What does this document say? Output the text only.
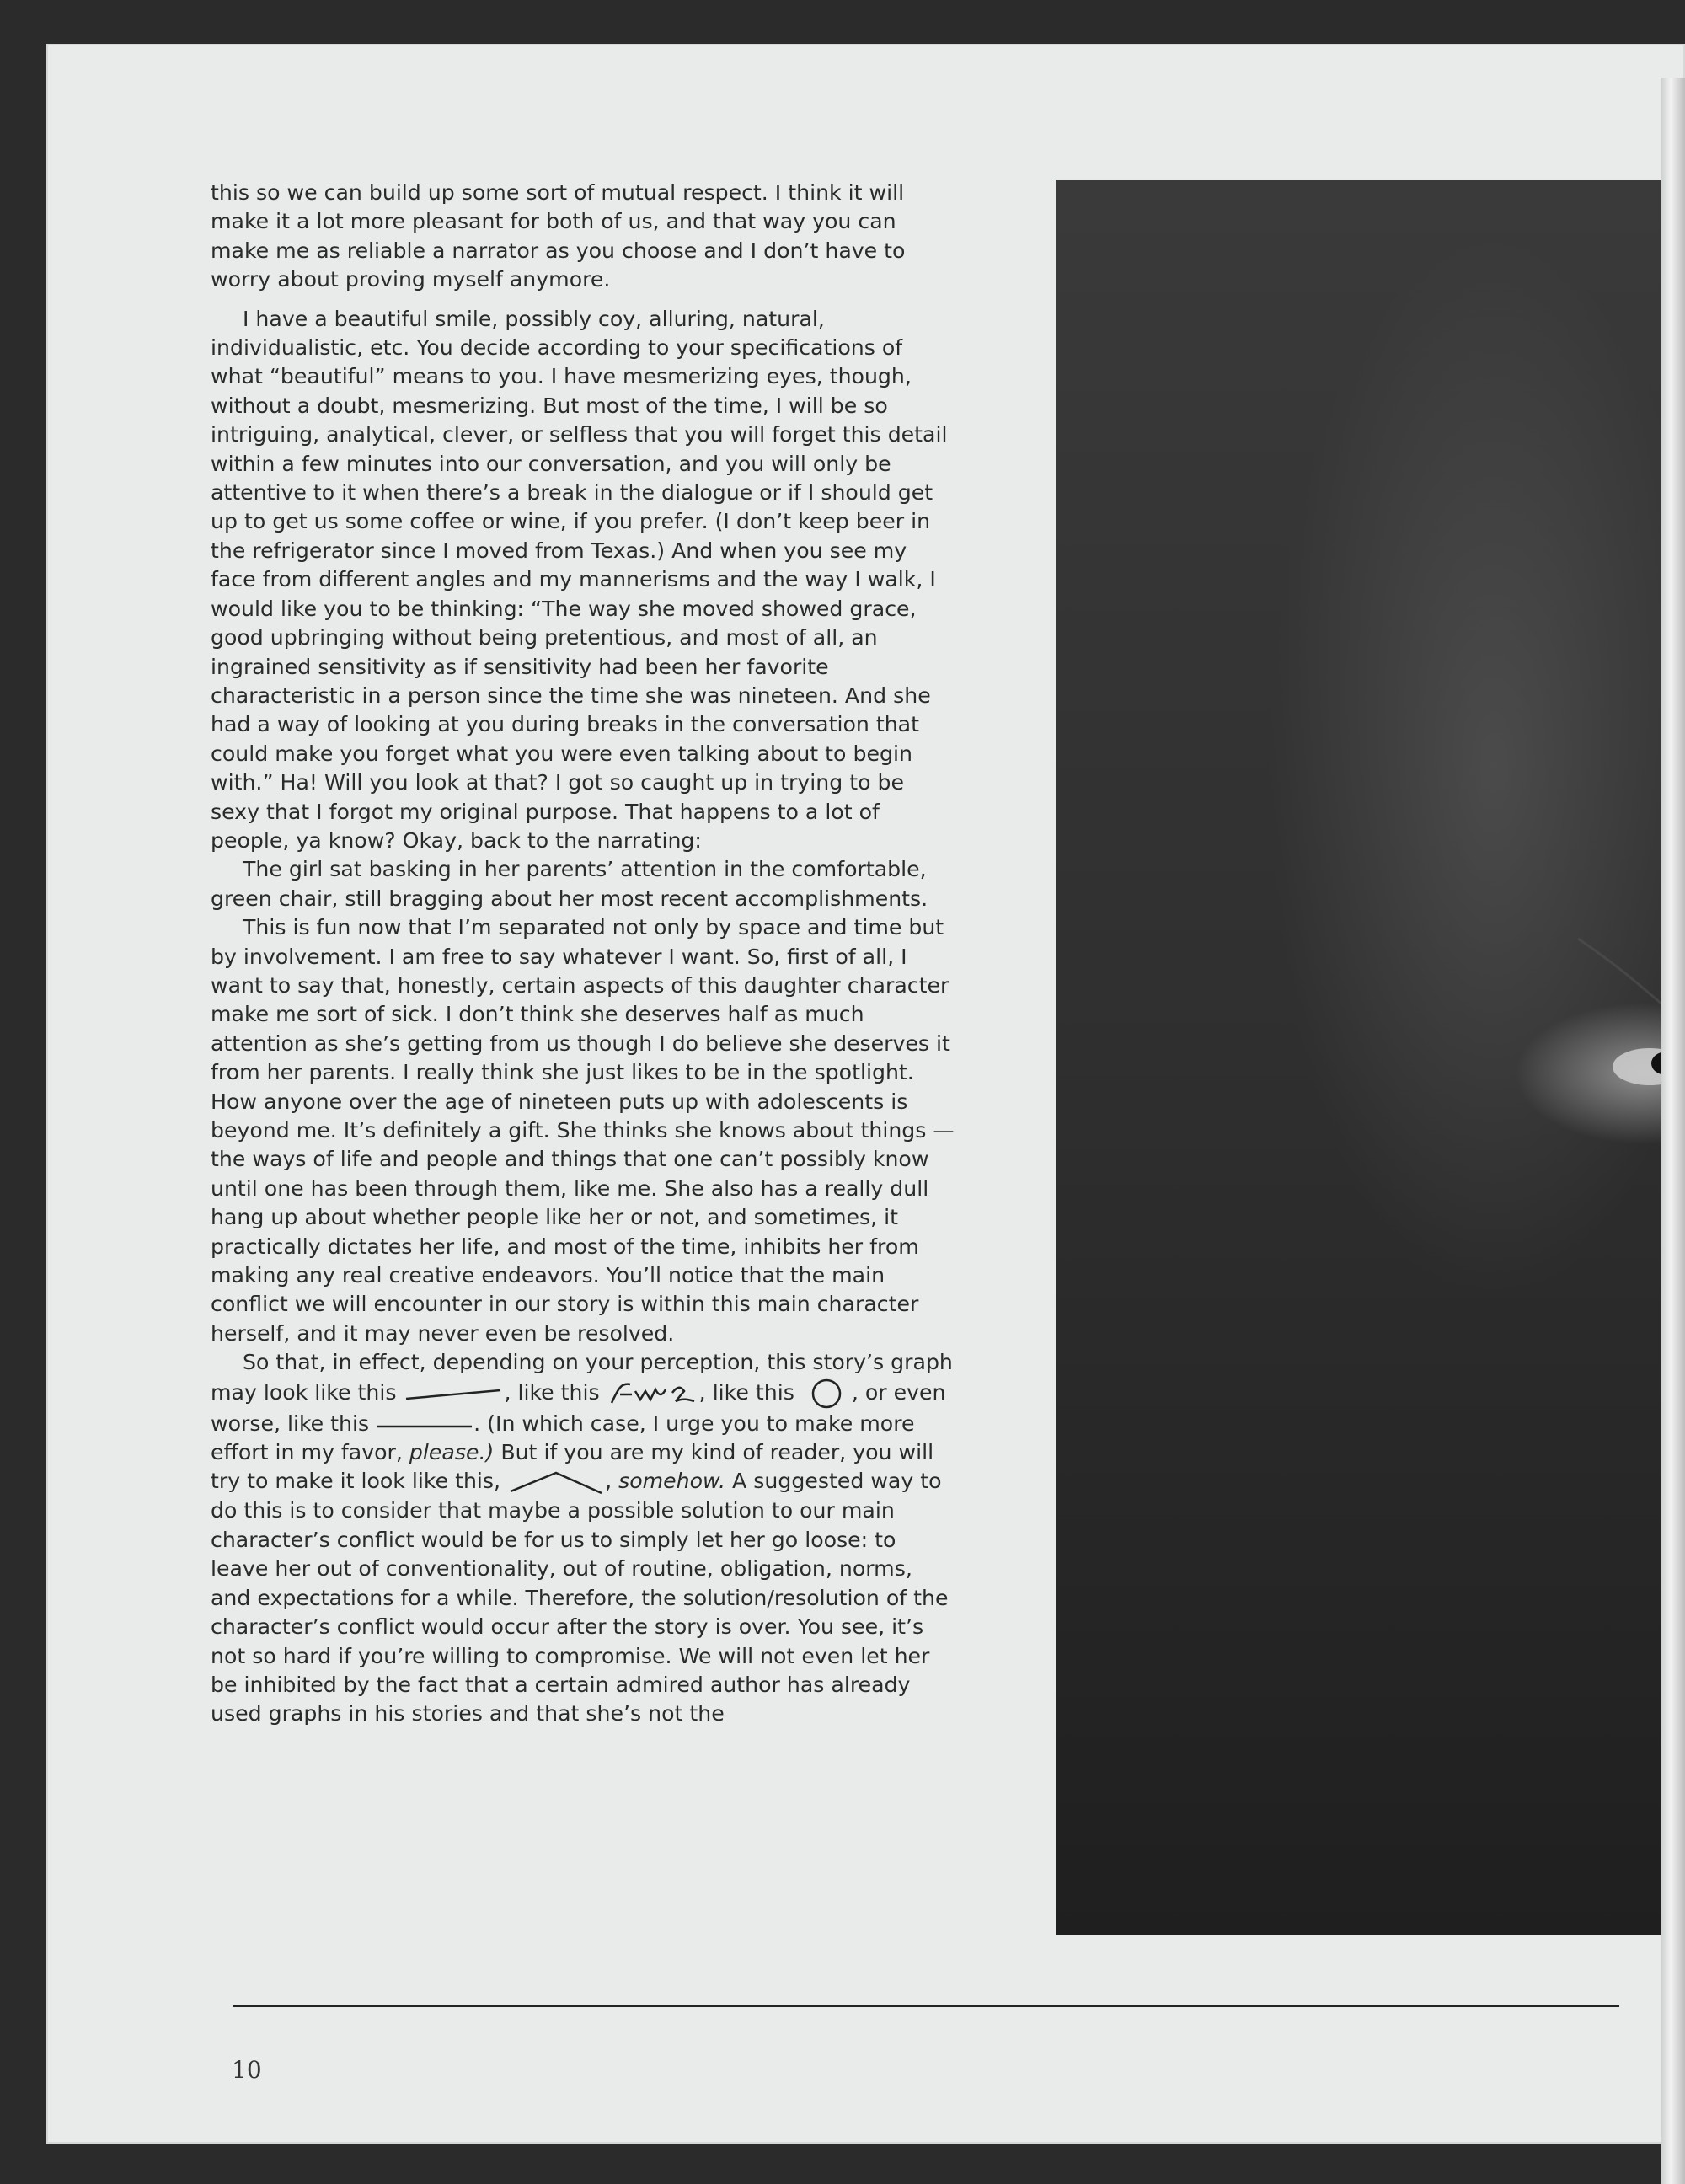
this so we can build up some sort of mutual respect. I think it will make it a lot more pleasant for both of us, and that way you can make me as reliable a narrator as you choose and I don’t have to worry about proving myself anymore.

I have a beautiful smile, possibly coy, alluring, natural, individualistic, etc. You decide according to your specifications of what “beautiful” means to you. I have mesmerizing eyes, though, without a doubt, mesmerizing. But most of the time, I will be so intriguing, analytical, clever, or selfless that you will forget this detail within a few minutes into our conversation, and you will only be attentive to it when there’s a break in the dialogue or if I should get up to get us some coffee or wine, if you prefer. (I don’t keep beer in the refrigerator since I moved from Texas.) And when you see my face from different angles and my mannerisms and the way I walk, I would like you to be thinking: “The way she moved showed grace, good upbringing without being pretentious, and most of all, an ingrained sensitivity as if sensitivity had been her favorite characteristic in a person since the time she was nineteen. And she had a way of looking at you during breaks in the conversation that could make you forget what you were even talking about to begin with.” Ha! Will you look at that? I got so caught up in trying to be sexy that I forgot my original purpose. That happens to a lot of people, ya know? Okay, back to the narrating:

The girl sat basking in her parents’ attention in the comfortable, green chair, still bragging about her most recent accomplishments.

This is fun now that I’m separated not only by space and time but by involvement. I am free to say whatever I want. So, first of all, I want to say that, honestly, certain aspects of this daughter character make me sort of sick. I don’t think she deserves half as much attention as she’s getting from us though I do believe she deserves it from her parents. I really think she just likes to be in the spotlight. How anyone over the age of nineteen puts up with adolescents is beyond me. It’s definitely a gift. She thinks she knows about things — the ways of life and people and things that one can’t possibly know until one has been through them, like me. She also has a really dull hang up about whether people like her or not, and sometimes, it practically dictates her life, and most of the time, inhibits her from making any real creative endeavors. You’ll notice that the main conflict we will encounter in our story is within this main character herself, and it may never even be resolved.

So that, in effect, depending on your perception, this story’s graph may look like this	, like this	, like this	, or even worse, like this	. (In which case, I urge you to make more effort in my favor, please.) But if you are my kind of reader, you will try to make it look like this,	, somehow. A suggested way to do this is to consider that maybe a possible solution to our main character’s conflict would be for us to simply let her go loose: to leave her out of conventionality, out of routine, obligation, norms, and expectations for a while. Therefore, the solution/resolution of the character’s conflict would occur after the story is over. You see, it’s not so hard if you’re willing to compromise. We will not even let her be inhibited by the fact that a certain admired author has already used graphs in his stories and that she’s not the

10
